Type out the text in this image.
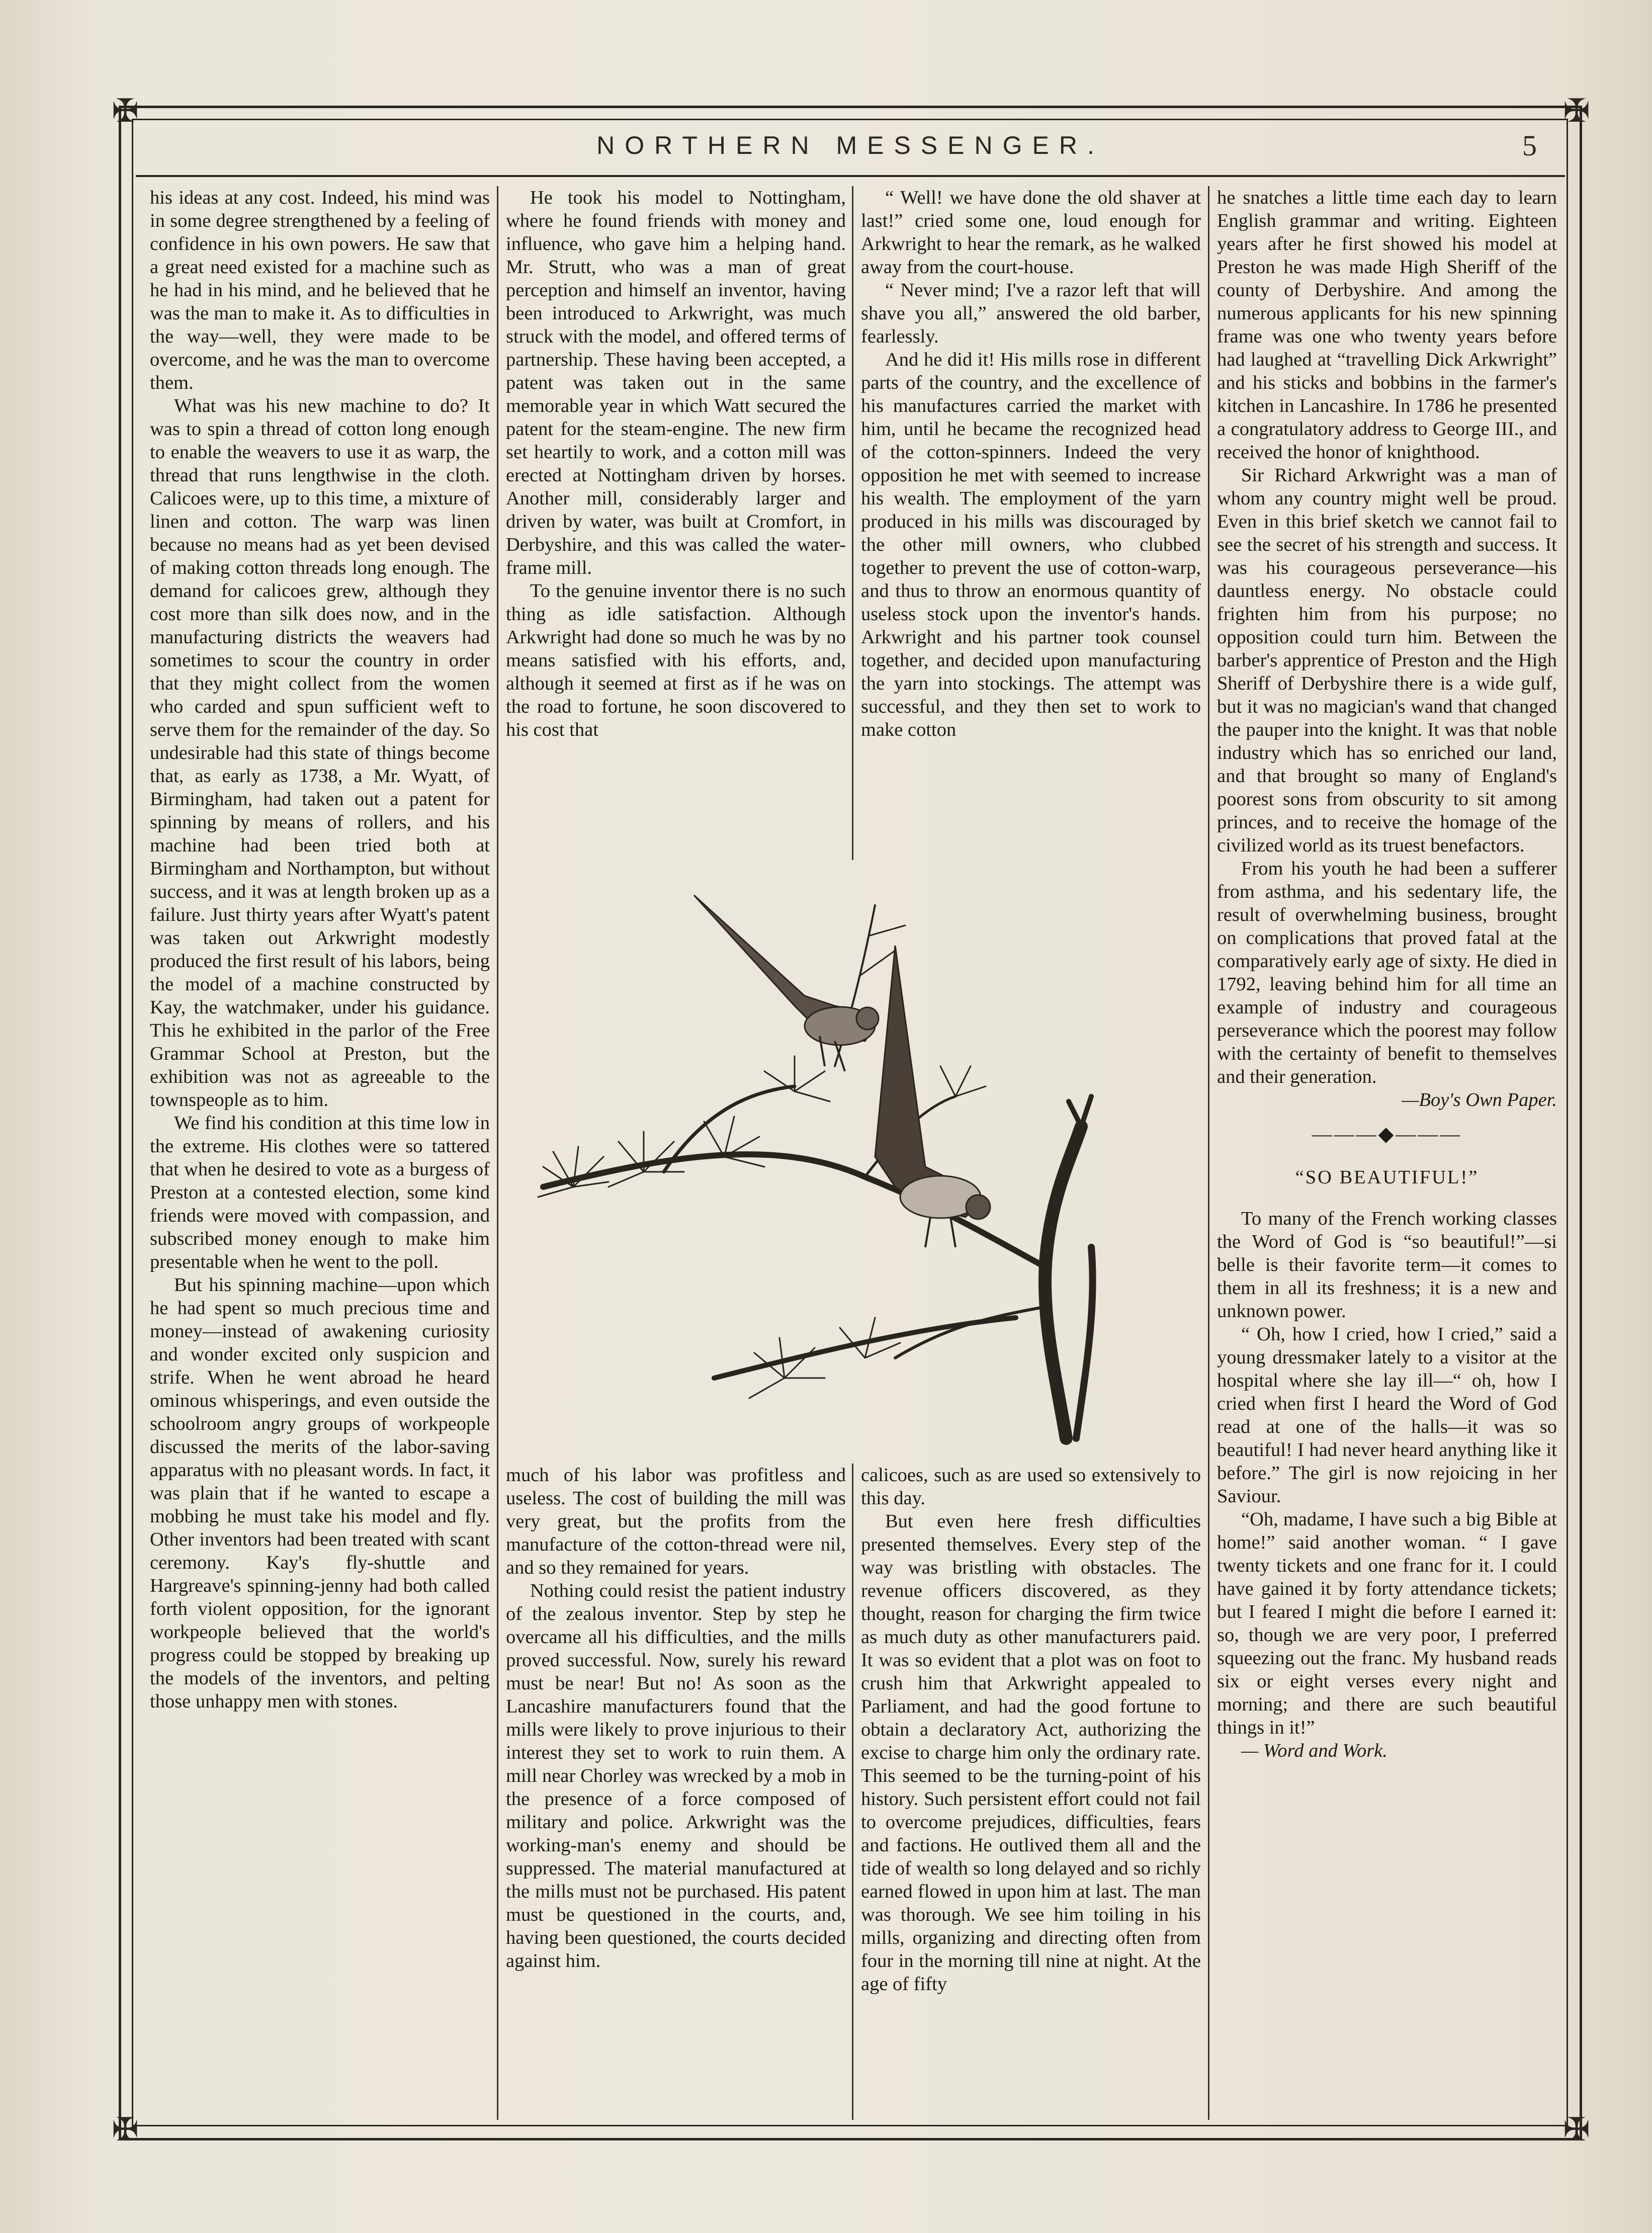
✠	✠
✠	✠
NORTHERN MESSENGER.	5

his ideas at any cost. Indeed, his mind was in some degree strengthened by a feeling of confidence in his own powers. He saw that a great need existed for a machine such as he had in his mind, and he believed that he was the man to make it. As to difficulties in the way—well, they were made to be overcome, and he was the man to overcome them.

What was his new machine to do? It was to spin a thread of cotton long enough to enable the weavers to use it as warp, the thread that runs lengthwise in the cloth. Calicoes were, up to this time, a mixture of linen and cotton. The warp was linen because no means had as yet been devised of making cotton threads long enough. The demand for calicoes grew, although they cost more than silk does now, and in the manufacturing districts the weavers had sometimes to scour the country in order that they might collect from the women who carded and spun sufficient weft to serve them for the remainder of the day. So undesirable had this state of things become that, as early as 1738, a Mr. Wyatt, of Birmingham, had taken out a patent for spinning by means of rollers, and his machine had been tried both at Birmingham and Northampton, but without success, and it was at length broken up as a failure. Just thirty years after Wyatt's patent was taken out Arkwright modestly produced the first result of his labors, being the model of a machine constructed by Kay, the watchmaker, under his guidance. This he exhibited in the parlor of the Free Grammar School at Preston, but the exhibition was not as agreeable to the townspeople as to him.

We find his condition at this time low in the extreme. His clothes were so tattered that when he desired to vote as a burgess of Preston at a contested election, some kind friends were moved with compassion, and subscribed money enough to make him presentable when he went to the poll.

But his spinning machine—upon which he had spent so much precious time and money—instead of awakening curiosity and wonder excited only suspicion and strife. When he went abroad he heard ominous whisperings, and even outside the schoolroom angry groups of workpeople discussed the merits of the labor-saving apparatus with no pleasant words. In fact, it was plain that if he wanted to escape a mobbing he must take his model and fly. Other inventors had been treated with scant ceremony. Kay's fly-shuttle and Hargreave's spinning-jenny had both called forth violent opposition, for the ignorant workpeople believed that the world's progress could be stopped by breaking up the models of the inventors, and pelting those unhappy men with stones.

He took his model to Nottingham, where he found friends with money and influence, who gave him a helping hand. Mr. Strutt, who was a man of great perception and himself an inventor, having been introduced to Arkwright, was much struck with the model, and offered terms of partnership. These having been accepted, a patent was taken out in the same memorable year in which Watt secured the patent for the steam-engine. The new firm set heartily to work, and a cotton mill was erected at Nottingham driven by horses. Another mill, considerably larger and driven by water, was built at Cromfort, in Derbyshire, and this was called the water-frame mill.

To the genuine inventor there is no such thing as idle satisfaction. Although Arkwright had done so much he was by no means satisfied with his efforts, and, although it seemed at first as if he was on the road to fortune, he soon discovered to his cost that

“ Well! we have done the old shaver at last!” cried some one, loud enough for Arkwright to hear the remark, as he walked away from the court-house.

“ Never mind; I've a razor left that will shave you all,” answered the old barber, fearlessly.

And he did it! His mills rose in different parts of the country, and the excellence of his manufactures carried the market with him, until he became the recognized head of the cotton-spinners. Indeed the very opposition he met with seemed to increase his wealth. The employment of the yarn produced in his mills was discouraged by the other mill owners, who clubbed together to prevent the use of cotton-warp, and thus to throw an enormous quantity of useless stock upon the inventor's hands. Arkwright and his partner took counsel together, and decided upon manufacturing the yarn into stockings. The attempt was successful, and they then set to work to make cotton

much of his labor was profitless and useless. The cost of building the mill was very great, but the profits from the manufacture of the cotton-thread were nil, and so they remained for years.

Nothing could resist the patient industry of the zealous inventor. Step by step he overcame all his difficulties, and the mills proved successful. Now, surely his reward must be near! But no! As soon as the Lancashire manufacturers found that the mills were likely to prove injurious to their interest they set to work to ruin them. A mill near Chorley was wrecked by a mob in the presence of a force composed of military and police. Arkwright was the working-man's enemy and should be suppressed. The material manufactured at the mills must not be purchased. His patent must be questioned in the courts, and, having been questioned, the courts decided against him.

calicoes, such as are used so extensively to this day.

But even here fresh difficulties presented themselves. Every step of the way was bristling with obstacles. The revenue officers discovered, as they thought, reason for charging the firm twice as much duty as other manufacturers paid. It was so evident that a plot was on foot to crush him that Arkwright appealed to Parliament, and had the good fortune to obtain a declaratory Act, authorizing the excise to charge him only the ordinary rate. This seemed to be the turning-point of his history. Such persistent effort could not fail to overcome prejudices, difficulties, fears and factions. He outlived them all and the tide of wealth so long delayed and so richly earned flowed in upon him at last. The man was thorough. We see him toiling in his mills, organizing and directing often from four in the morning till nine at night. At the age of fifty

he snatches a little time each day to learn English grammar and writing. Eighteen years after he first showed his model at Preston he was made High Sheriff of the county of Derbyshire. And among the numerous applicants for his new spinning frame was one who twenty years before had laughed at “travelling Dick Arkwright” and his sticks and bobbins in the farmer's kitchen in Lancashire. In 1786 he presented a congratulatory address to George III., and received the honor of knighthood.

Sir Richard Arkwright was a man of whom any country might well be proud. Even in this brief sketch we cannot fail to see the secret of his strength and success. It was his courageous perseverance—his dauntless energy. No obstacle could frighten him from his purpose; no opposition could turn him. Between the barber's apprentice of Preston and the High Sheriff of Derbyshire there is a wide gulf, but it was no magician's wand that changed the pauper into the knight. It was that noble industry which has so enriched our land, and that brought so many of England's poorest sons from obscurity to sit among princes, and to receive the homage of the civilized world as its truest benefactors.

From his youth he had been a sufferer from asthma, and his sedentary life, the result of overwhelming business, brought on complications that proved fatal at the comparatively early age of sixty. He died in 1792, leaving behind him for all time an example of industry and courageous perseverance which the poorest may follow with the certainty of benefit to themselves and their generation.

—Boy's Own Paper.

———◆———

“SO BEAUTIFUL!”

To many of the French working classes the Word of God is “so beautiful!”—si belle is their favorite term—it comes to them in all its freshness; it is a new and unknown power.

“ Oh, how I cried, how I cried,” said a young dressmaker lately to a visitor at the hospital where she lay ill—“ oh, how I cried when first I heard the Word of God read at one of the halls—it was so beautiful! I had never heard anything like it before.” The girl is now rejoicing in her Saviour.

“Oh, madame, I have such a big Bible at home!” said another woman. “ I gave twenty tickets and one franc for it. I could have gained it by forty attendance tickets; but I feared I might die before I earned it: so, though we are very poor, I preferred squeezing out the franc. My husband reads six or eight verses every night and morning; and there are such beautiful things in it!”

— Word and Work.
